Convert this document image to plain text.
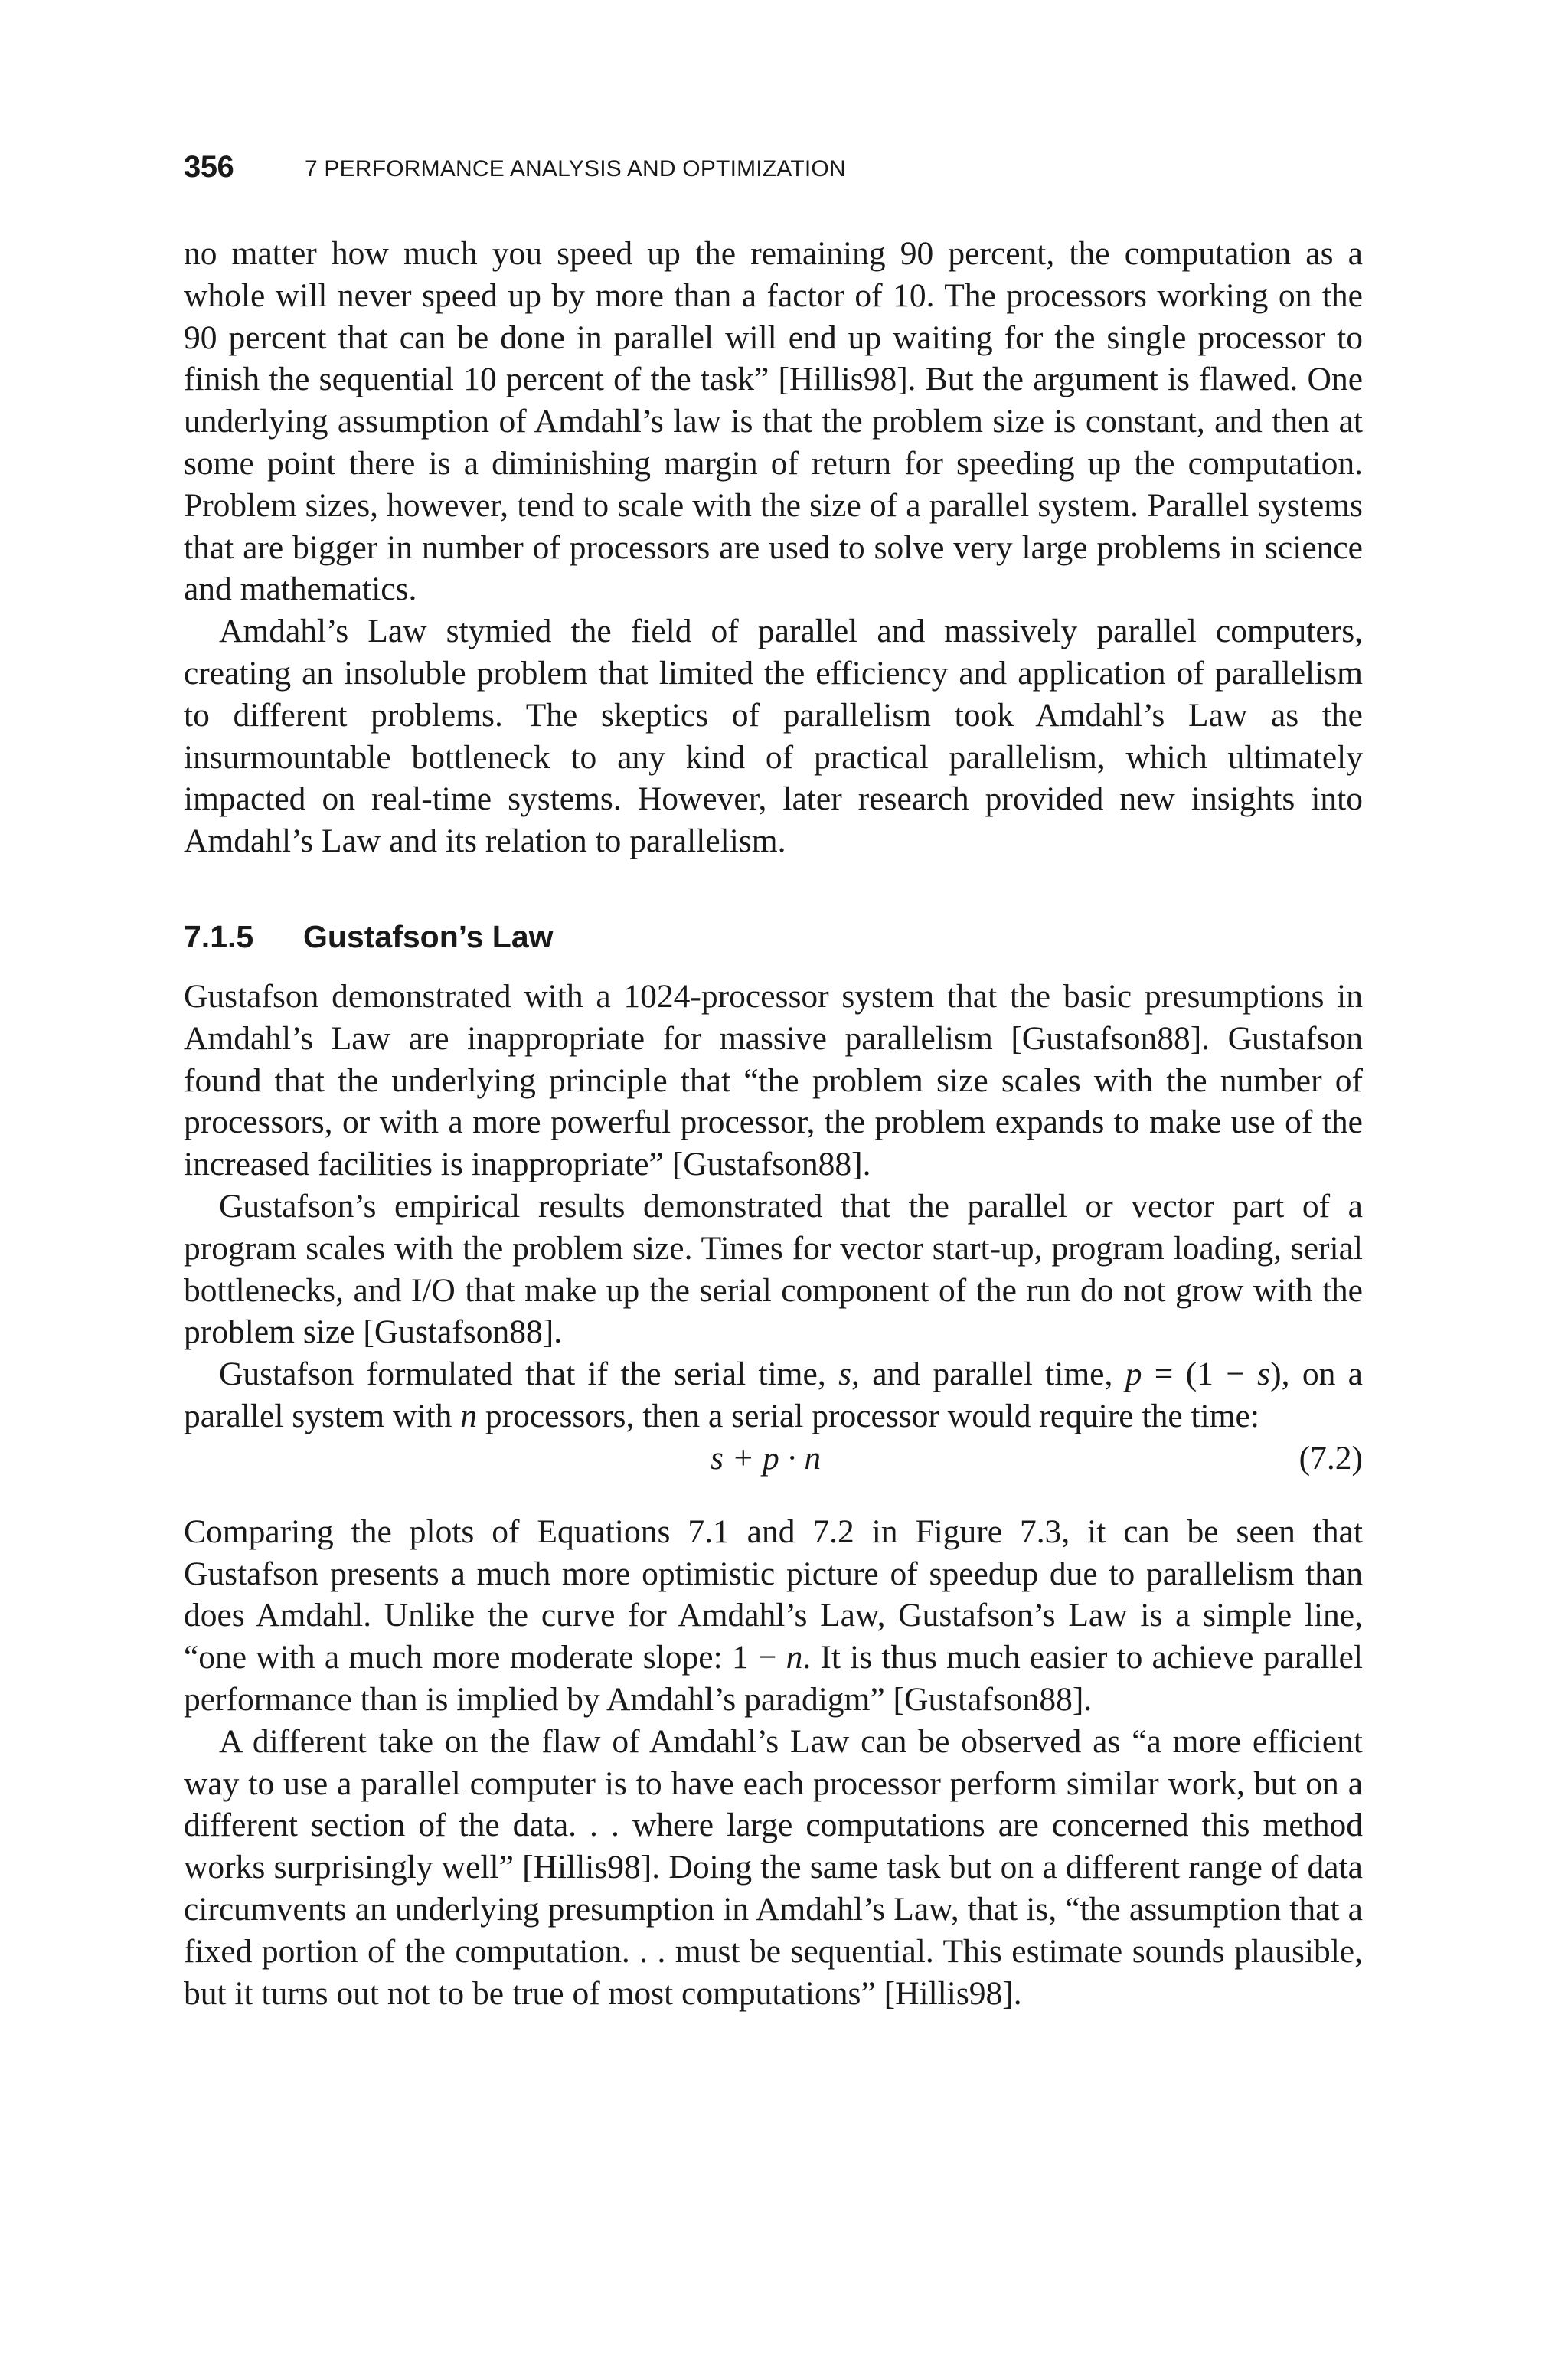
356	7 PERFORMANCE ANALYSIS AND OPTIMIZATION

no matter how much you speed up the remaining 90 percent, the computation as a whole will never speed up by more than a factor of 10. The processors working on the 90 percent that can be done in parallel will end up waiting for the single processor to finish the sequential 10 percent of the task” [Hillis98]. But the argument is flawed. One underlying assumption of Amdahl’s law is that the problem size is constant, and then at some point there is a diminishing margin of return for speeding up the computation. Problem sizes, however, tend to scale with the size of a parallel system. Parallel systems that are bigger in number of processors are used to solve very large problems in science and mathematics.

Amdahl’s Law stymied the field of parallel and massively parallel computers, creating an insoluble problem that limited the efficiency and application of parallelism to different problems. The skeptics of parallelism took Amdahl’s Law as the insurmountable bottleneck to any kind of practical parallelism, which ultimately impacted on real-time systems. However, later research provided new insights into Amdahl’s Law and its relation to parallelism.

7.1.5 Gustafson’s Law

Gustafson demonstrated with a 1024-processor system that the basic presumptions in Amdahl’s Law are inappropriate for massive parallelism [Gustafson88]. Gustafson found that the underlying principle that “the problem size scales with the number of processors, or with a more powerful processor, the problem expands to make use of the increased facilities is inappropriate” [Gustafson88].

Gustafson’s empirical results demonstrated that the parallel or vector part of a program scales with the problem size. Times for vector start-up, program loading, serial bottlenecks, and I/O that make up the serial component of the run do not grow with the problem size [Gustafson88].

Gustafson formulated that if the serial time, s, and parallel time, p = (1 − s), on a parallel system with n processors, then a serial processor would require the time:

s + p · n	(7.2)

Comparing the plots of Equations 7.1 and 7.2 in Figure 7.3, it can be seen that Gustafson presents a much more optimistic picture of speedup due to parallelism than does Amdahl. Unlike the curve for Amdahl’s Law, Gustafson’s Law is a simple line, “one with a much more moderate slope: 1 − n. It is thus much easier to achieve parallel performance than is implied by Amdahl’s paradigm” [Gustafson88].

A different take on the flaw of Amdahl’s Law can be observed as “a more efficient way to use a parallel computer is to have each processor perform similar work, but on a different section of the data. . . where large computations are concerned this method works surprisingly well” [Hillis98]. Doing the same task but on a different range of data circumvents an underlying presumption in Amdahl’s Law, that is, “the assumption that a fixed portion of the computation. . . must be sequential. This estimate sounds plausible, but it turns out not to be true of most computations” [Hillis98].
